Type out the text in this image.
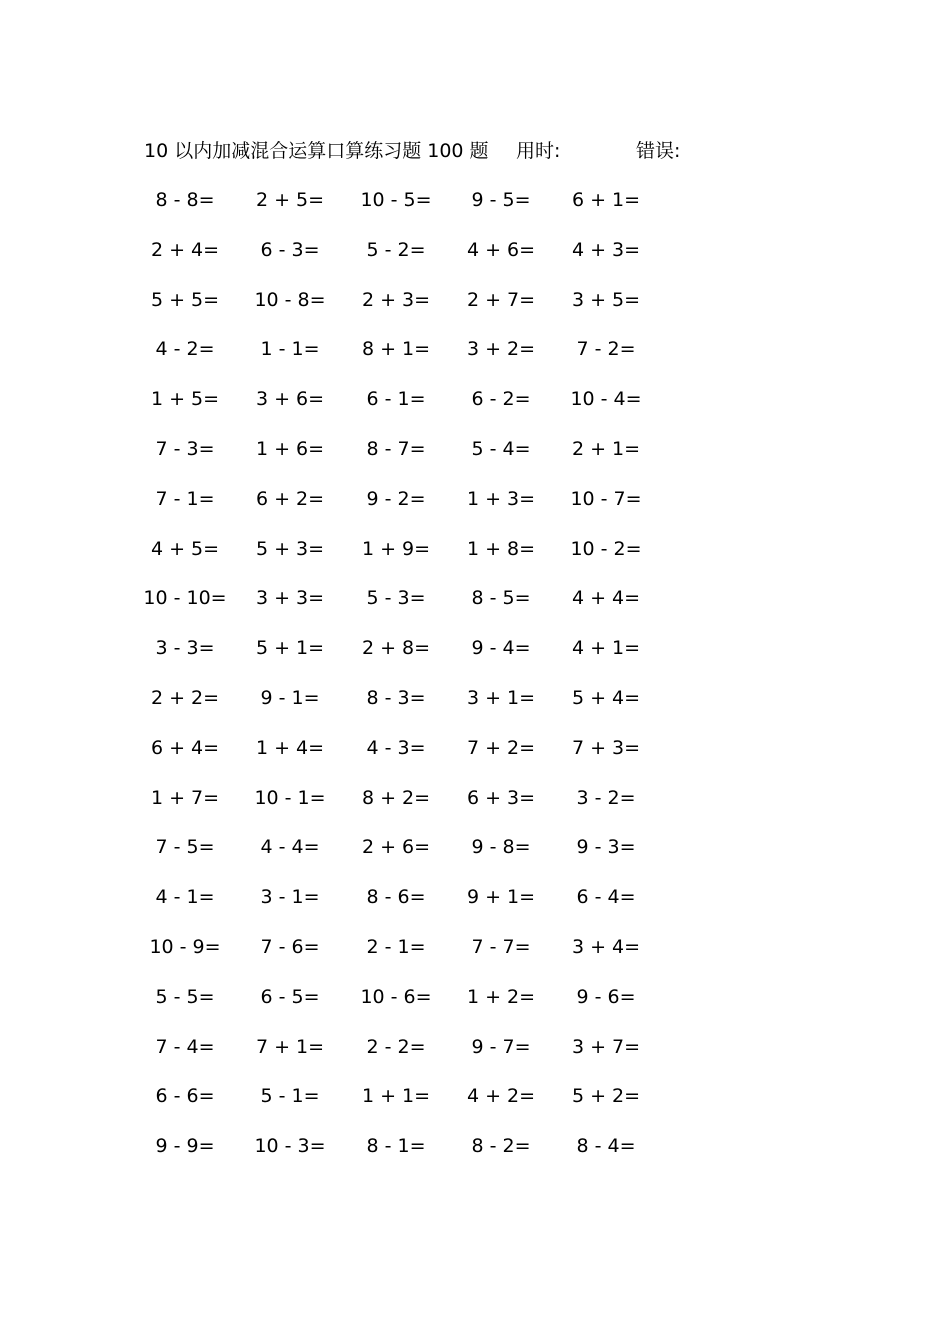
10 以内加减混合运算口算练习题 100 题 用时:	错误:
8 - 8=	2 + 5=	10 - 5=	9 - 5=	6 + 1=
2 + 4=	6 - 3=	5 - 2=	4 + 6=	4 + 3=
5 + 5=	10 - 8=	2 + 3=	2 + 7=	3 + 5=
4 - 2=	1 - 1=	8 + 1=	3 + 2=	7 - 2=
1 + 5=	3 + 6=	6 - 1=	6 - 2=	10 - 4=
7 - 3=	1 + 6=	8 - 7=	5 - 4=	2 + 1=
7 - 1=	6 + 2=	9 - 2=	1 + 3=	10 - 7=
4 + 5=	5 + 3=	1 + 9=	1 + 8=	10 - 2=
10 - 10=	3 + 3=	5 - 3=	8 - 5=	4 + 4=
3 - 3=	5 + 1=	2 + 8=	9 - 4=	4 + 1=
2 + 2=	9 - 1=	8 - 3=	3 + 1=	5 + 4=
6 + 4=	1 + 4=	4 - 3=	7 + 2=	7 + 3=
1 + 7=	10 - 1=	8 + 2=	6 + 3=	3 - 2=
7 - 5=	4 - 4=	2 + 6=	9 - 8=	9 - 3=
4 - 1=	3 - 1=	8 - 6=	9 + 1=	6 - 4=
10 - 9=	7 - 6=	2 - 1=	7 - 7=	3 + 4=
5 - 5=	6 - 5=	10 - 6=	1 + 2=	9 - 6=
7 - 4=	7 + 1=	2 - 2=	9 - 7=	3 + 7=
6 - 6=	5 - 1=	1 + 1=	4 + 2=	5 + 2=
9 - 9=	10 - 3=	8 - 1=	8 - 2=	8 - 4=
